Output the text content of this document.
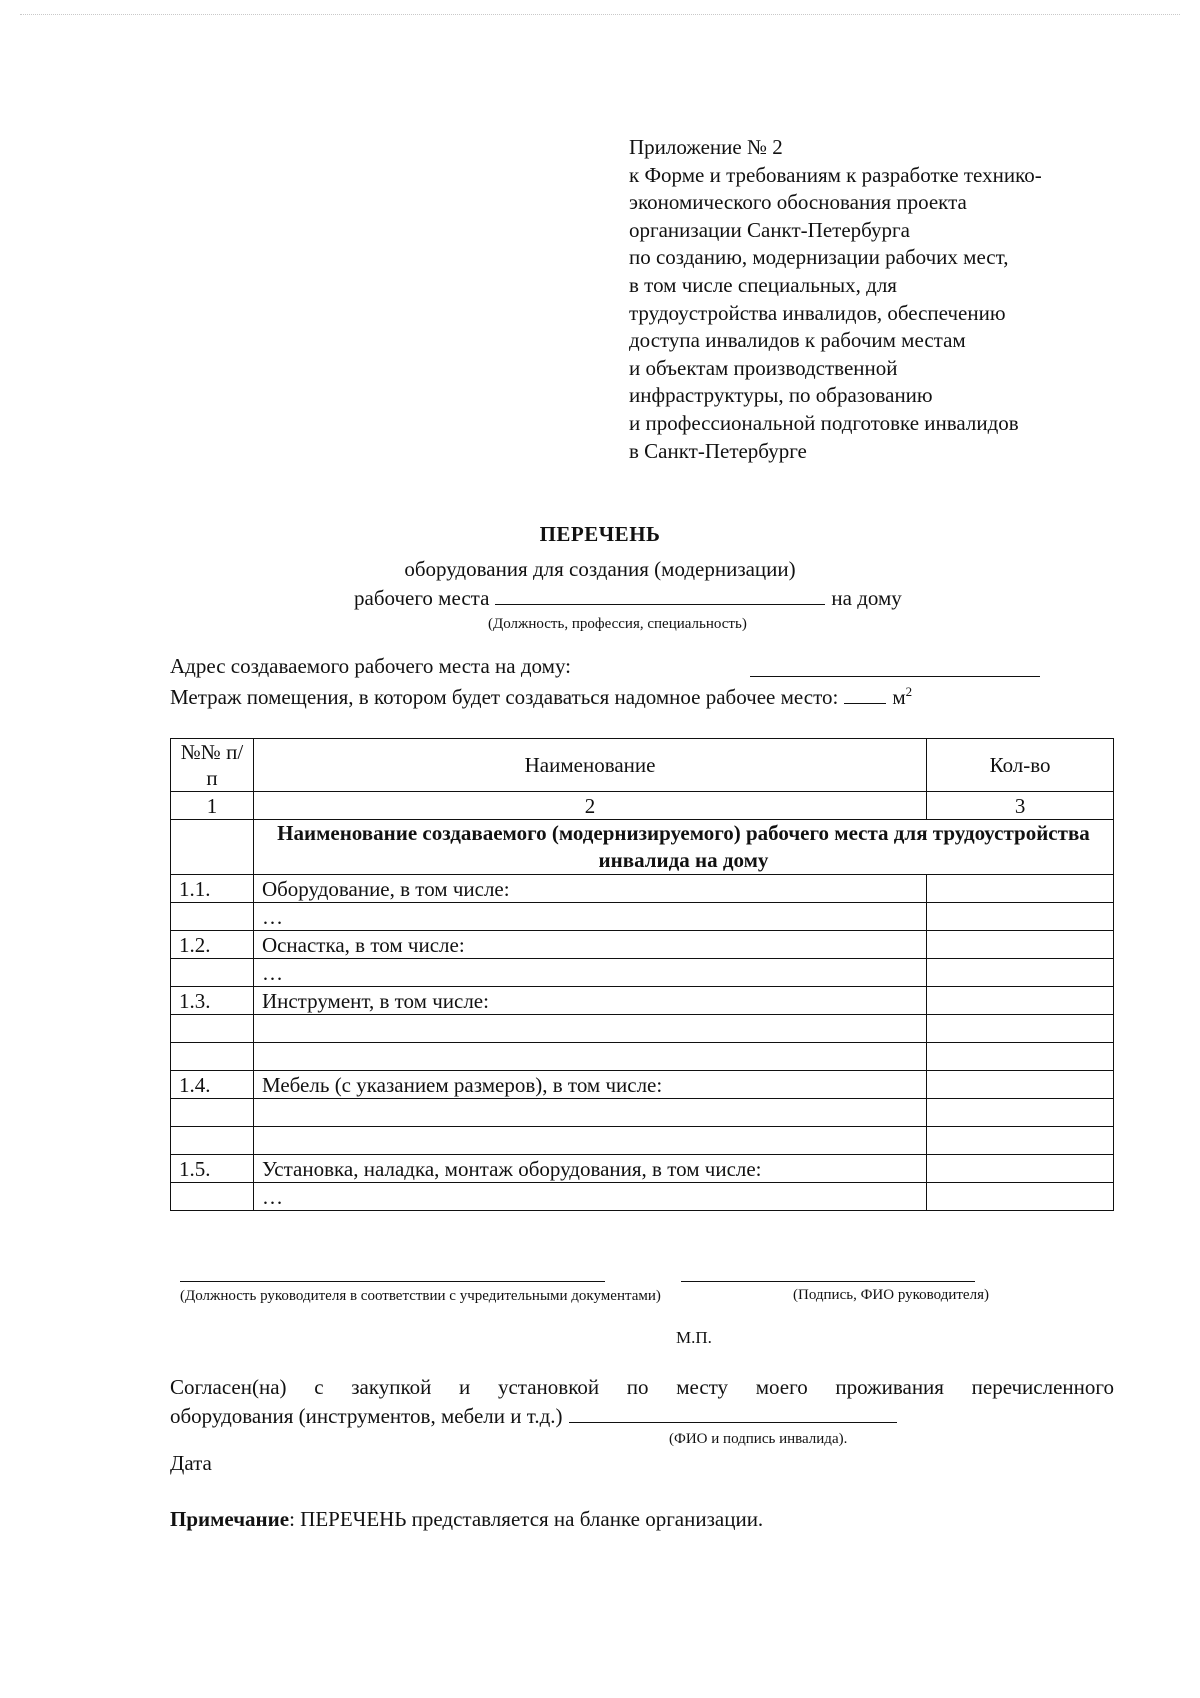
Приложение № 2
к Форме и требованиям к разработке технико-
экономического обоснования проекта
организации Санкт-Петербурга
по созданию, модернизации рабочих мест,
в том числе специальных, для
трудоустройства инвалидов, обеспечению
доступа инвалидов к рабочим местам
и объектам производственной
инфраструктуры, по образованию
и профессиональной подготовке инвалидов
в Санкт-Петербурге
ПЕРЕЧЕНЬ
оборудования для создания (модернизации)
рабочего места	на дому
(Должность, профессия, специальность)
Адрес создаваемого рабочего места на дому:
Метраж помещения, в котором будет создаваться надомное рабочее место:	$м^2$
№№ п/п	Наименование	Кол-во
1	2	3
	Наименование создаваемого (модернизируемого) рабочего места для трудоустройства инвалида на дому	
1.1.	Оборудование, в том числе:	
	…	
1.2.	Оснастка, в том числе:	
	…	
1.3.	Инструмент, в том числе:	

1.4.	Мебель (с указанием размеров), в том числе:	

1.5.	Установка, наладка, монтаж оборудования, в том числе:	
	…	
(Должность руководителя в соответствии с учредительными документами)	(Подпись, ФИО руководителя)
М.П.
Согласен(на) с закупкой и установкой по месту моего проживания перечисленного
оборудования (инструментов, мебели и т.д.)
(ФИО и подпись инвалида).
Дата
Примечание: ПЕРЕЧЕНЬ представляется на бланке организации.
